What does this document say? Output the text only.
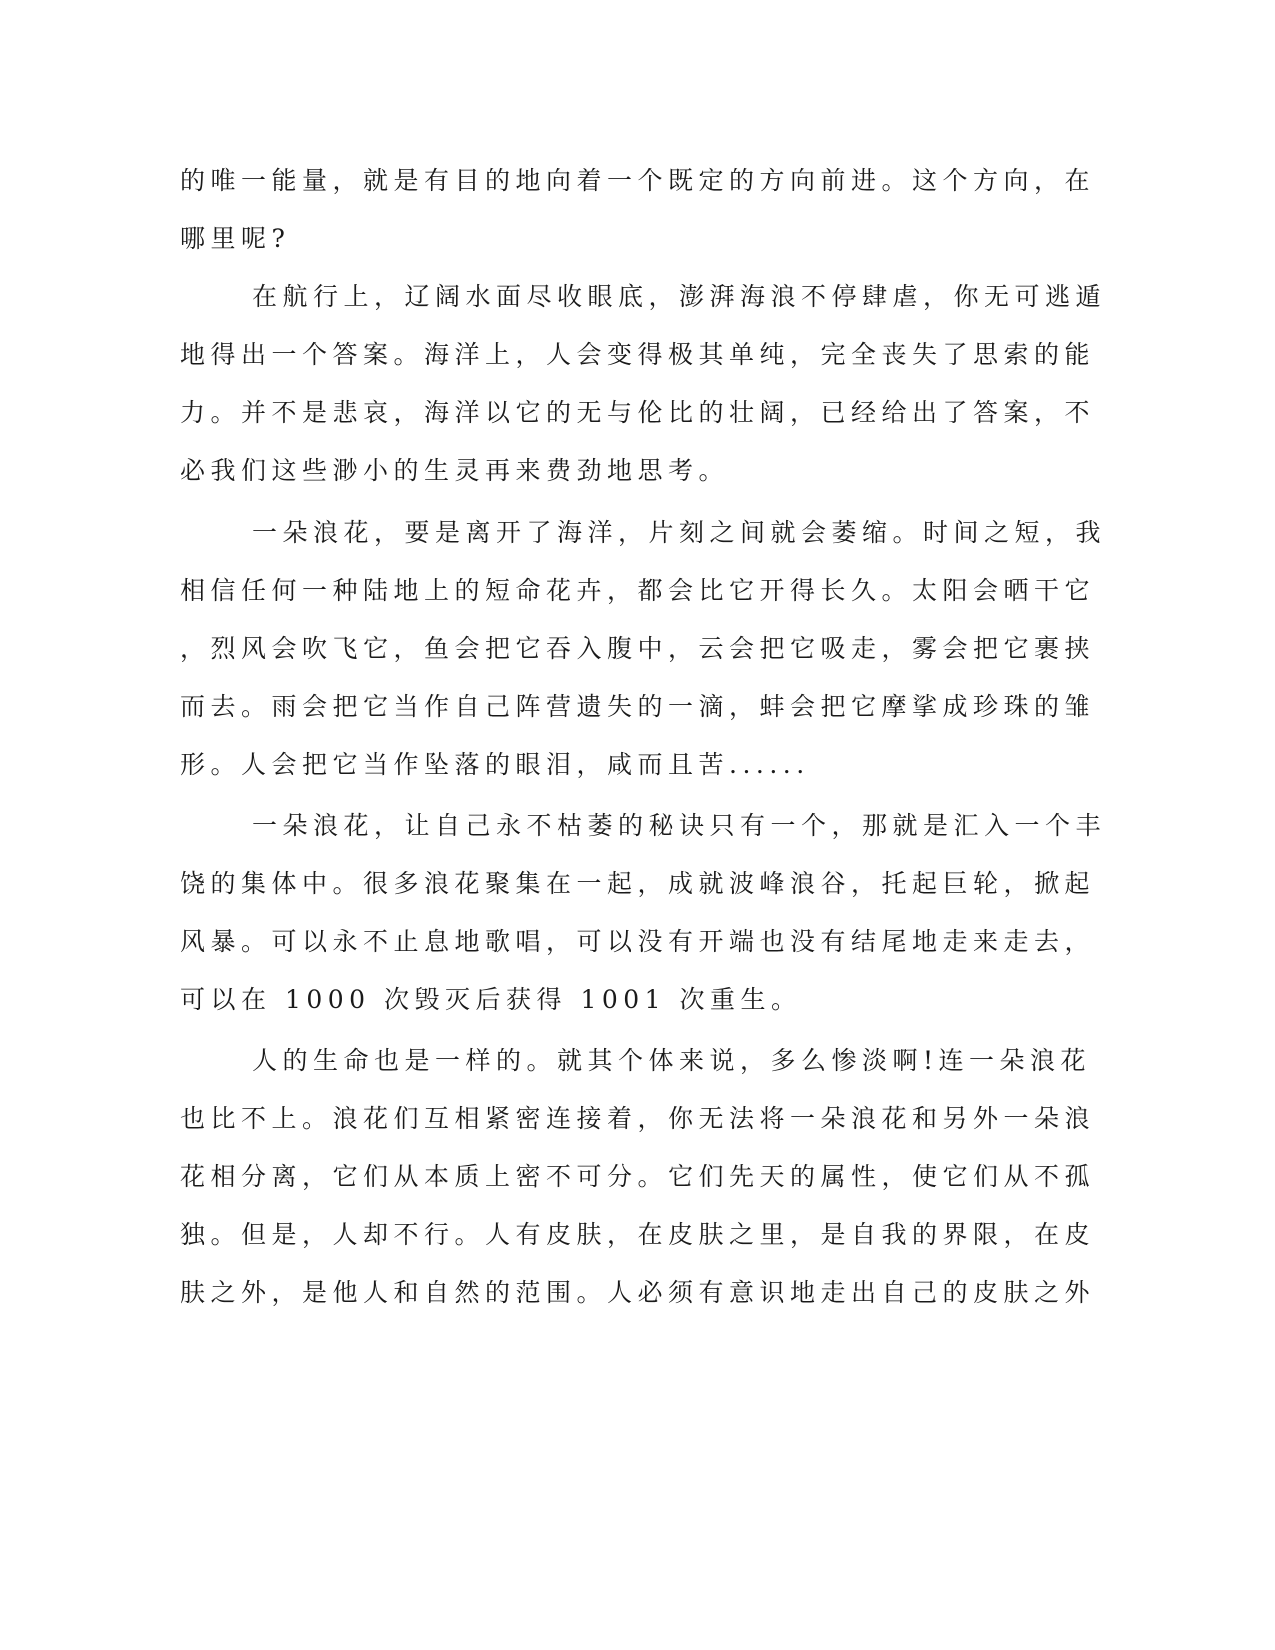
的唯一能量，就是有目的地向着一个既定的方向前进。这个方向，在
哪里呢?
在航行上，辽阔水面尽收眼底，澎湃海浪不停肆虐，你无可逃遁
地得出一个答案。海洋上，人会变得极其单纯，完全丧失了思索的能
力。并不是悲哀，海洋以它的无与伦比的壮阔，已经给出了答案，不
必我们这些渺小的生灵再来费劲地思考。
一朵浪花，要是离开了海洋，片刻之间就会萎缩。时间之短，我
相信任何一种陆地上的短命花卉，都会比它开得长久。太阳会晒干它
，烈风会吹飞它，鱼会把它吞入腹中，云会把它吸走，雾会把它裹挟
而去。雨会把它当作自己阵营遗失的一滴，蚌会把它摩挲成珍珠的雏
形。人会把它当作坠落的眼泪，咸而且苦......
一朵浪花，让自己永不枯萎的秘诀只有一个，那就是汇入一个丰
饶的集体中。很多浪花聚集在一起，成就波峰浪谷，托起巨轮，掀起
风暴。可以永不止息地歌唱，可以没有开端也没有结尾地走来走去，
可以在 1000 次毁灭后获得 1001 次重生。
人的生命也是一样的。就其个体来说，多么惨淡啊!连一朵浪花
也比不上。浪花们互相紧密连接着，你无法将一朵浪花和另外一朵浪
花相分离，它们从本质上密不可分。它们先天的属性，使它们从不孤
独。但是，人却不行。人有皮肤，在皮肤之里，是自我的界限，在皮
肤之外，是他人和自然的范围。人必须有意识地走出自己的皮肤之外
